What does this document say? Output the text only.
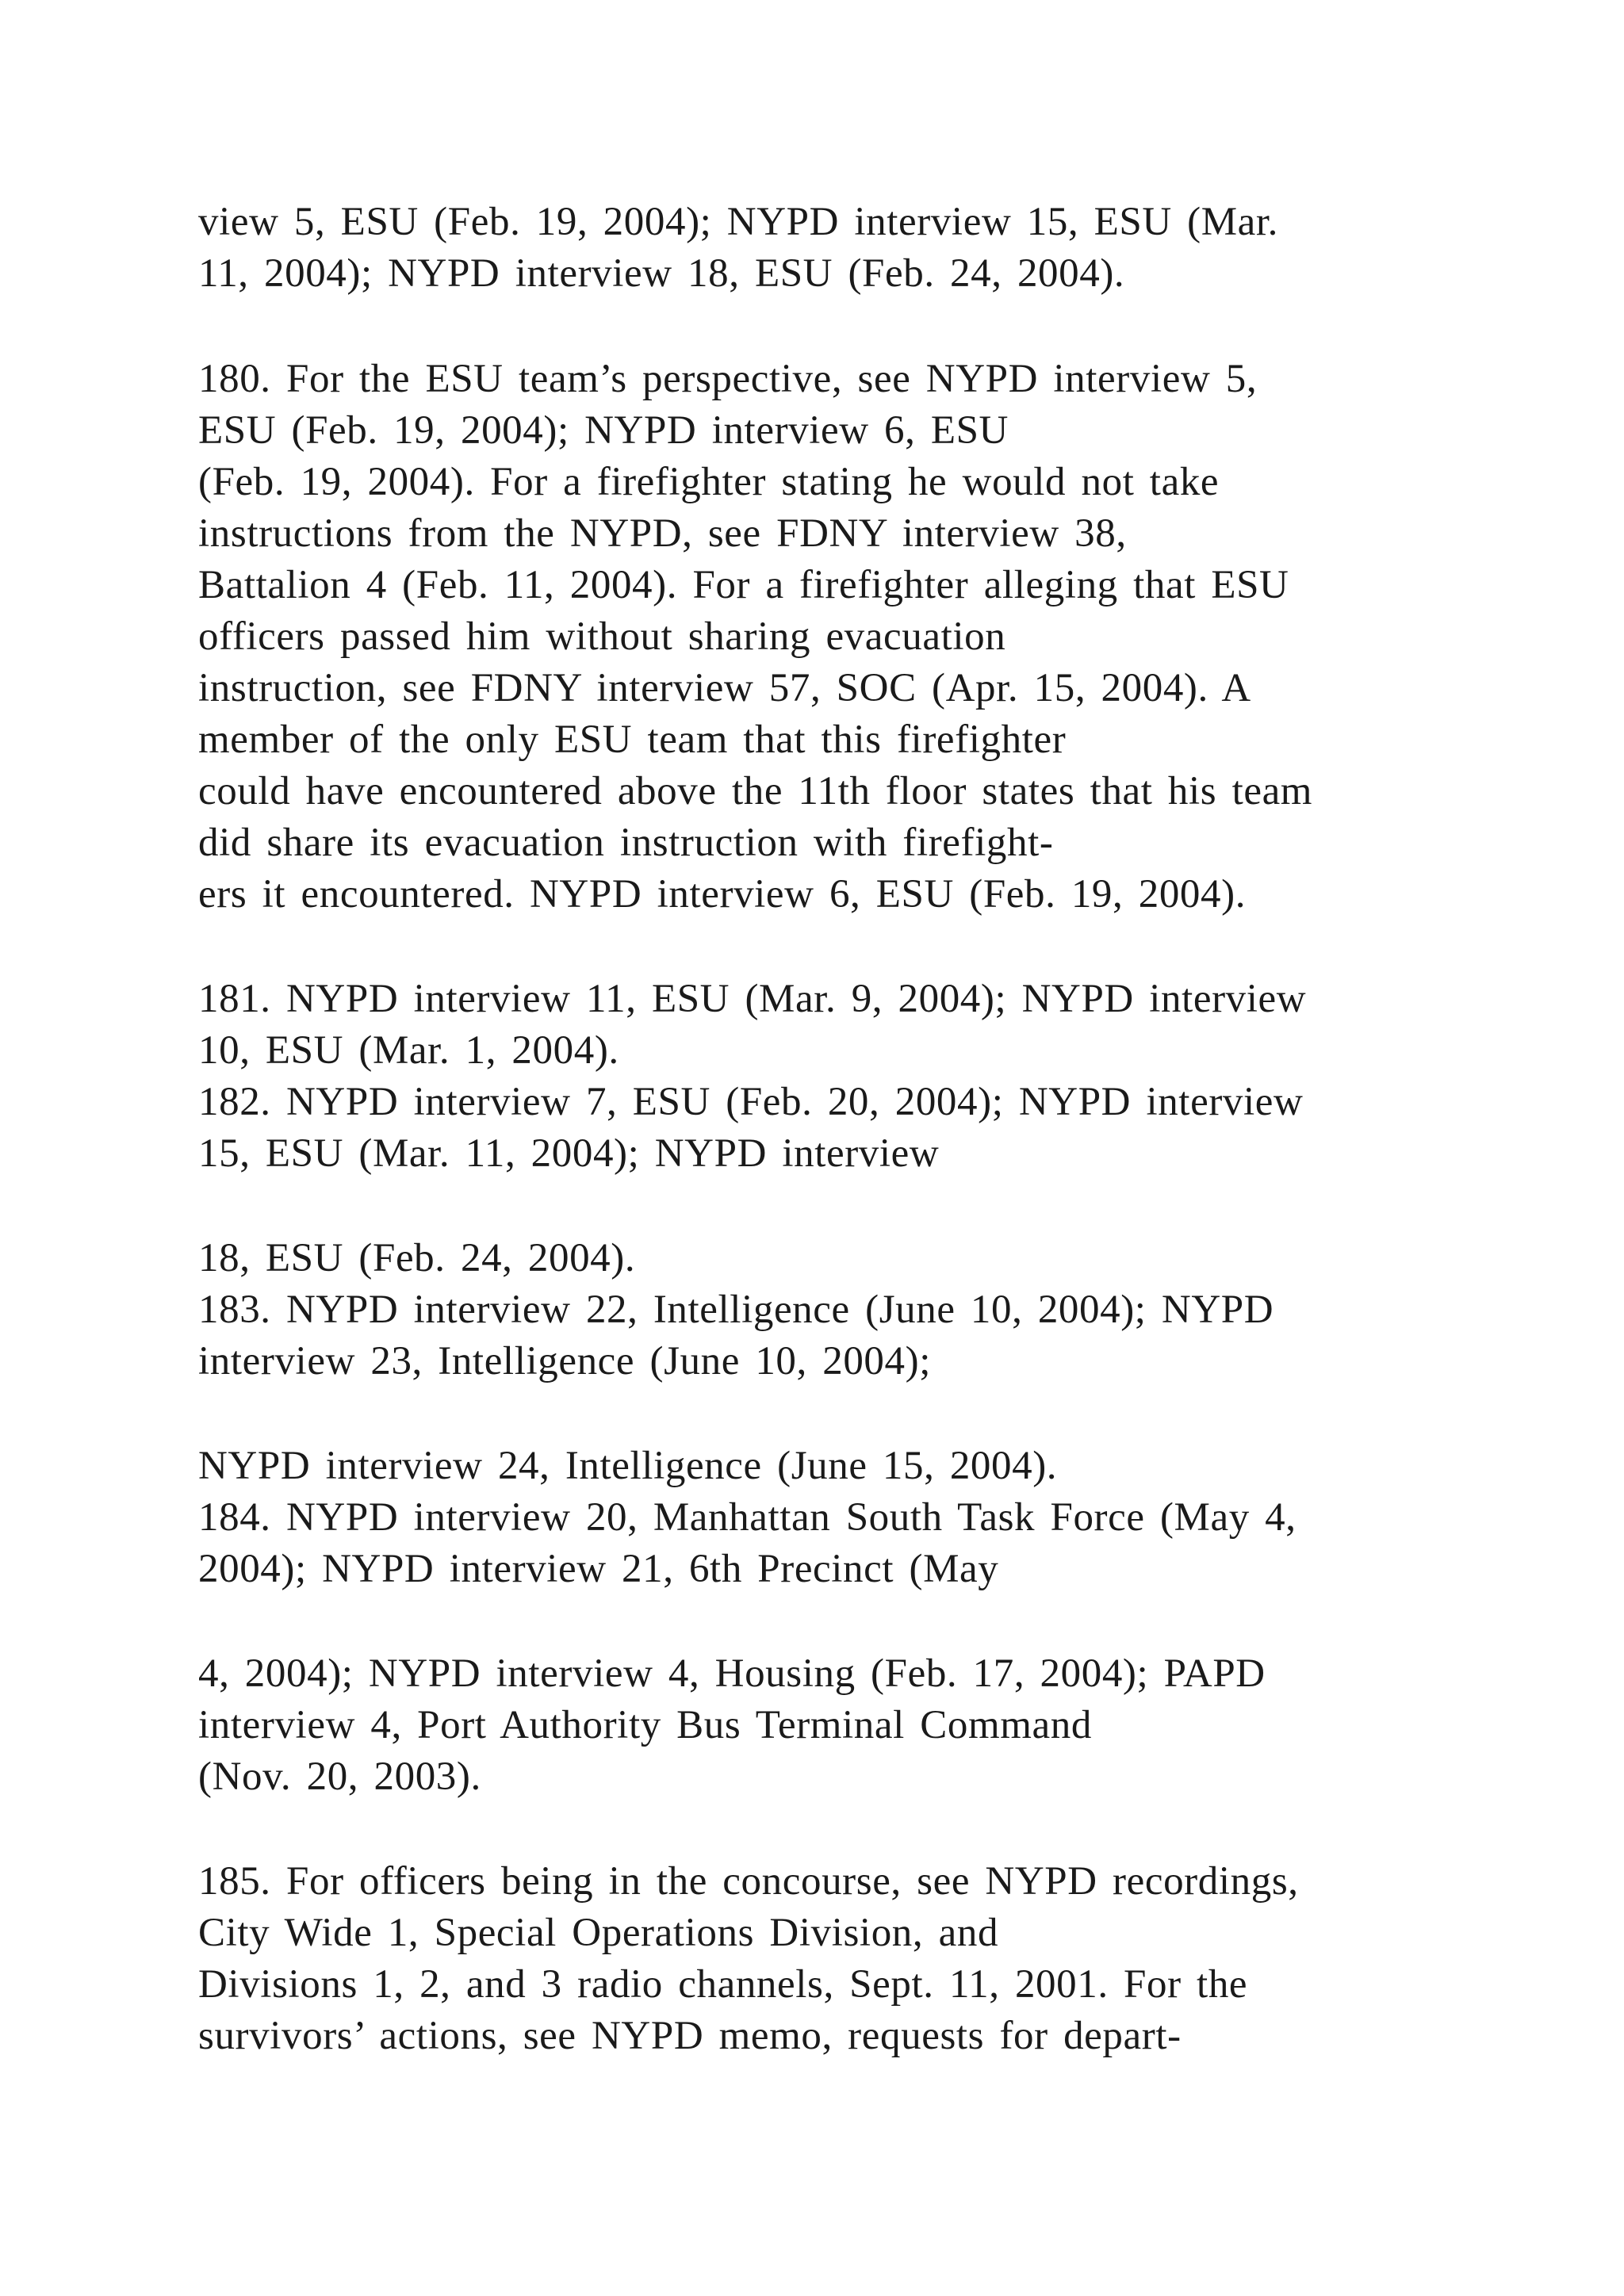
view 5, ESU (Feb. 19, 2004); NYPD interview 15, ESU (Mar.
11, 2004); NYPD interview 18, ESU (Feb. 24, 2004).
180. For the ESU team’s perspective, see NYPD interview 5,
ESU (Feb. 19, 2004); NYPD interview 6, ESU
(Feb. 19, 2004). For a firefighter stating he would not take
instructions from the NYPD, see FDNY interview 38,
Battalion 4 (Feb. 11, 2004). For a firefighter alleging that ESU
officers passed him without sharing evacuation
instruction, see FDNY interview 57, SOC (Apr. 15, 2004). A
member of the only ESU team that this firefighter
could have encountered above the 11th floor states that his team
did share its evacuation instruction with firefight-
ers it encountered. NYPD interview 6, ESU (Feb. 19, 2004).
181. NYPD interview 11, ESU (Mar. 9, 2004); NYPD interview
10, ESU (Mar. 1, 2004).
182. NYPD interview 7, ESU (Feb. 20, 2004); NYPD interview
15, ESU (Mar. 11, 2004); NYPD interview
18, ESU (Feb. 24, 2004).
183. NYPD interview 22, Intelligence (June 10, 2004); NYPD
interview 23, Intelligence (June 10, 2004);
NYPD interview 24, Intelligence (June 15, 2004).
184. NYPD interview 20, Manhattan South Task Force (May 4,
2004); NYPD interview 21, 6th Precinct (May
4, 2004); NYPD interview 4, Housing (Feb. 17, 2004); PAPD
interview 4, Port Authority Bus Terminal Command
(Nov. 20, 2003).
185. For officers being in the concourse, see NYPD recordings,
City Wide 1, Special Operations Division, and
Divisions 1, 2, and 3 radio channels, Sept. 11, 2001. For the
survivors’ actions, see NYPD memo, requests for depart-
